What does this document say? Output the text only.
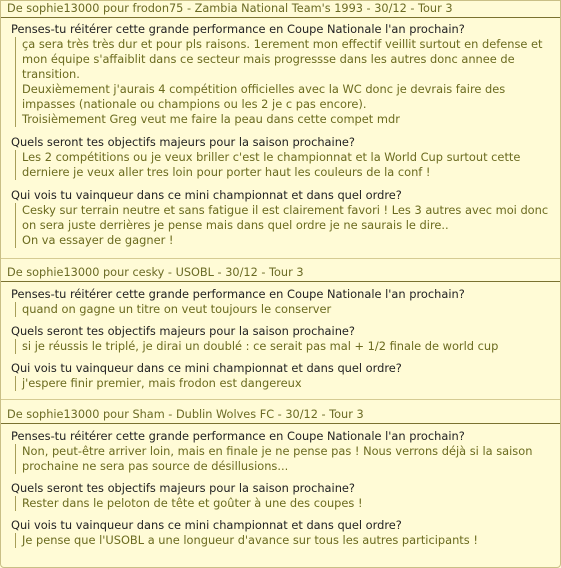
De sophie13000 pour frodon75 - Zambia National Team's 1993 - 30/12 - Tour 3
Penses-tu réitérer cette grande performance en Coupe Nationale l'an prochain?
ça sera très très dur et pour pls raisons. 1erement mon effectif veillit surtout en defense et
mon équipe s'affaiblit dans ce secteur mais progressse dans les autres donc annee de
transition.
Deuxièmement j'aurais 4 compétition officielles avec la WC donc je devrais faire des
impasses (nationale ou champions ou les 2 je c pas encore).
Troisièmement Greg veut me faire la peau dans cette compet mdr
Quels seront tes objectifs majeurs pour la saison prochaine?
Les 2 compétitions ou je veux briller c'est le championnat et la World Cup surtout cette
derniere je veux aller tres loin pour porter haut les couleurs de la conf !
Qui vois tu vainqueur dans ce mini championnat et dans quel ordre?
Cesky sur terrain neutre et sans fatigue il est clairement favori ! Les 3 autres avec moi donc
on sera juste derrières je pense mais dans quel ordre je ne saurais le dire..
On va essayer de gagner !
De sophie13000 pour cesky - USOBL - 30/12 - Tour 3
Penses-tu réitérer cette grande performance en Coupe Nationale l'an prochain?
quand on gagne un titre on veut toujours le conserver
Quels seront tes objectifs majeurs pour la saison prochaine?
si je réussis le triplé, je dirai un doublé : ce serait pas mal + 1/2 finale de world cup
Qui vois tu vainqueur dans ce mini championnat et dans quel ordre?
j'espere finir premier, mais frodon est dangereux
De sophie13000 pour Sham - Dublin Wolves FC - 30/12 - Tour 3
Penses-tu réitérer cette grande performance en Coupe Nationale l'an prochain?
Non, peut-être arriver loin, mais en finale je ne pense pas ! Nous verrons déjà si la saison
prochaine ne sera pas source de désillusions...
Quels seront tes objectifs majeurs pour la saison prochaine?
Rester dans le peloton de tête et goûter à une des coupes !
Qui vois tu vainqueur dans ce mini championnat et dans quel ordre?
Je pense que l'USOBL a une longueur d'avance sur tous les autres participants !
